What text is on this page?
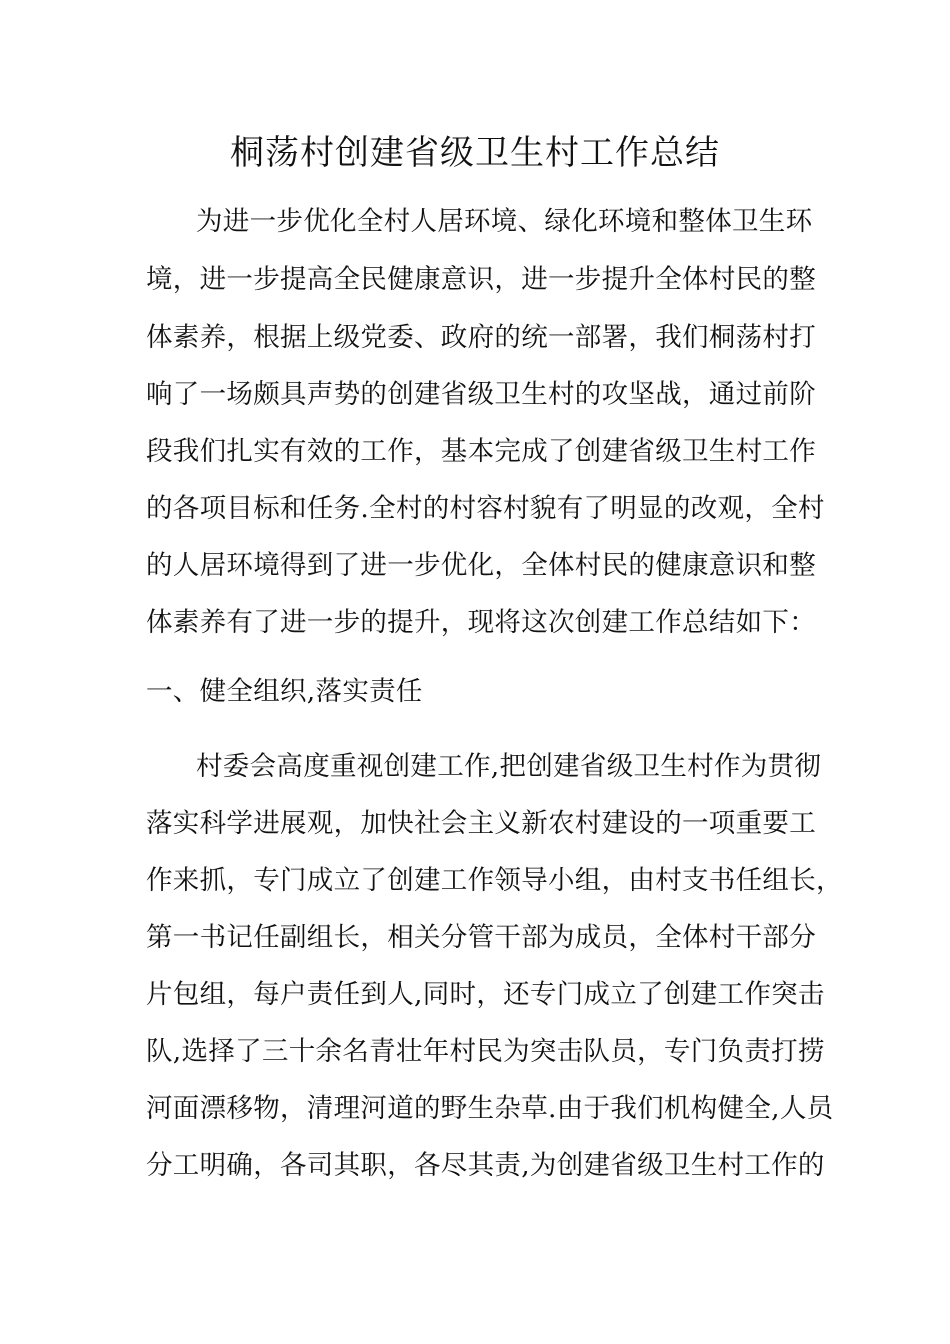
桐荡村创建省级卫生村工作总结
为进一步优化全村人居环境、绿化环境和整体卫生环
境，进一步提高全民健康意识，进一步提升全体村民的整
体素养，根据上级党委、政府的统一部署，我们桐荡村打
响了一场颇具声势的创建省级卫生村的攻坚战，通过前阶
段我们扎实有效的工作，基本完成了创建省级卫生村工作
的各项目标和任务.全村的村容村貌有了明显的改观，全村
的人居环境得到了进一步优化，全体村民的健康意识和整
体素养有了进一步的提升，现将这次创建工作总结如下：
一、健全组织,落实责任
村委会高度重视创建工作,把创建省级卫生村作为贯彻
落实科学进展观，加快社会主义新农村建设的一项重要工
作来抓，专门成立了创建工作领导小组，由村支书任组长，
第一书记任副组长，相关分管干部为成员，全体村干部分
片包组，每户责任到人,同时，还专门成立了创建工作突击
队,选择了三十余名青壮年村民为突击队员，专门负责打捞
河面漂移物，清理河道的野生杂草.由于我们机构健全,人员
分工明确，各司其职，各尽其责,为创建省级卫生村工作的
